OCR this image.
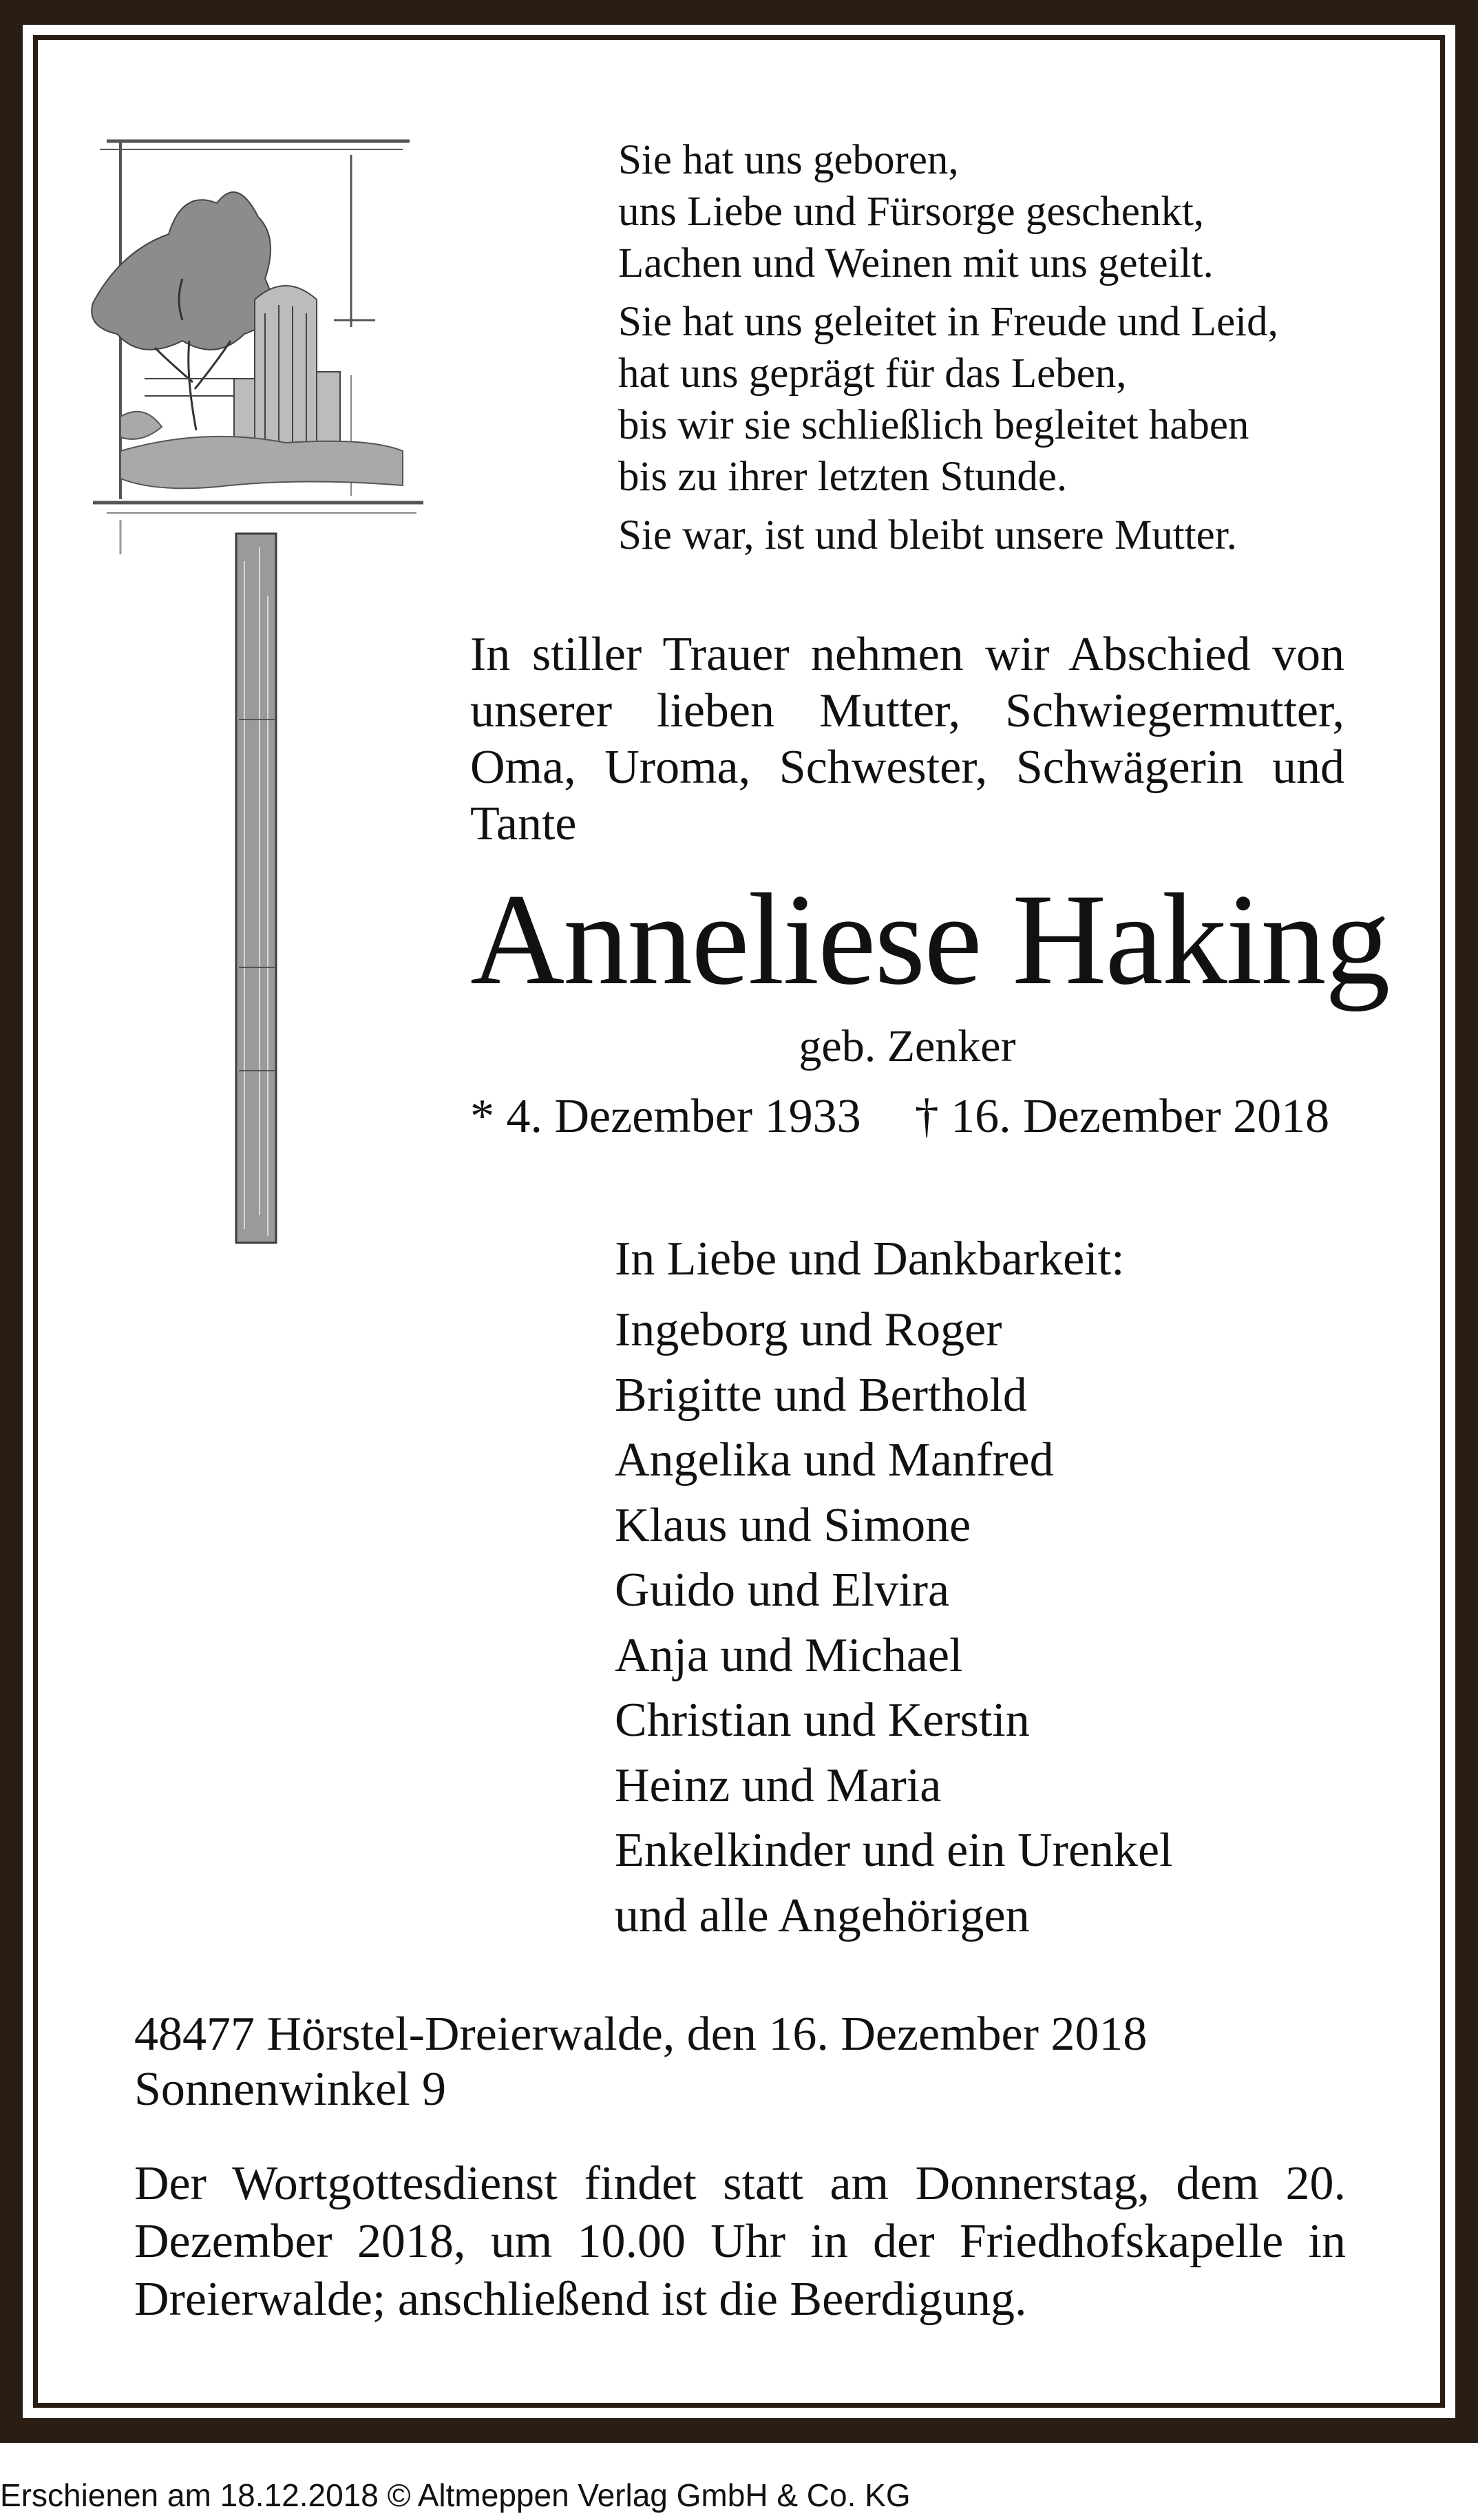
Sie hat uns geboren,
uns Liebe und Fürsorge geschenkt,
Lachen und Weinen mit uns geteilt.
Sie hat uns geleitet in Freude und Leid,
hat uns geprägt für das Leben,
bis wir sie schließlich begleitet haben
bis zu ihrer letzten Stunde.
Sie war, ist und bleibt unsere Mutter.
In stiller Trauer nehmen wir Abschied von unserer lieben Mutter, Schwiegermutter, Oma, Uroma, Schwester, Schwägerin und Tante
Anneliese Haking
geb. Zenker
* 4. Dezember 1933 † 16. Dezember 2018
In Liebe und Dankbarkeit:
Ingeborg und Roger
Brigitte und Berthold
Angelika und Manfred
Klaus und Simone
Guido und Elvira
Anja und Michael
Christian und Kerstin
Heinz und Maria
Enkelkinder und ein Urenkel
und alle Angehörigen
48477 Hörstel-Dreierwalde, den 16. Dezember 2018
Sonnenwinkel 9
Der Wortgottesdienst findet statt am Donnerstag, dem 20. Dezember 2018, um 10.00 Uhr in der Friedhofskapelle in Dreierwalde; anschließend ist die Beerdigung.
Erschienen am 18.12.2018 © Altmeppen Verlag GmbH & Co. KG
